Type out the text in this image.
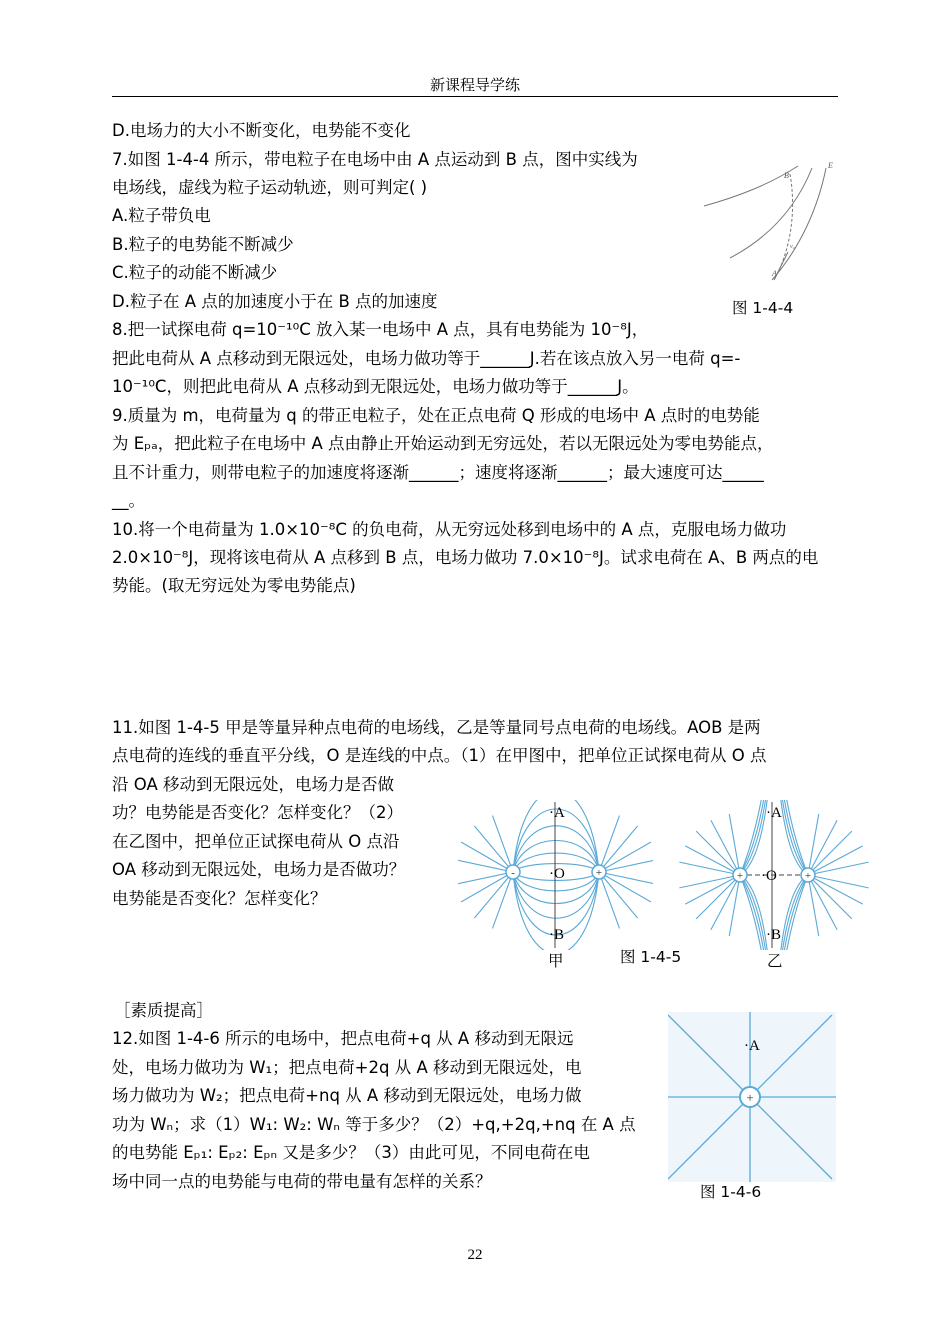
新课程导学练
D.电场力的大小不断变化，电势能不变化
7.如图 1-4-4 所示，带电粒子在电场中由 A 点运动到 B 点，图中实线为
电场线，虚线为粒子运动轨迹，则可判定( )
A.粒子带负电
B.粒子的电势能不断减少
C.粒子的动能不断减少
D.粒子在 A 点的加速度小于在 B 点的加速度
8.把一试探电荷 q=10⁻¹⁰C 放入某一电场中 A 点，具有电势能为 10⁻⁸J，
把此电荷从 A 点移动到无限远处，电场力做功等于______J.若在该点放入另一电荷 q=-
10⁻¹⁰C，则把此电荷从 A 点移动到无限远处，电场力做功等于______J。
9.质量为 m，电荷量为 q 的带正电粒子，处在正点电荷 Q 形成的电场中 A 点时的电势能
为 Eₚₐ，把此粒子在电场中 A 点由静止开始运动到无穷远处，若以无限远处为零电势能点，
且不计重力，则带电粒子的加速度将逐渐______；速度将逐渐______；最大速度可达_____
__。
10.将一个电荷量为 1.0×10⁻⁸C 的负电荷，从无穷远处移到电场中的 A 点，克服电场力做功
2.0×10⁻⁸J，现将该电荷从 A 点移到 B 点，电场力做功 7.0×10⁻⁸J。试求电荷在 A、B 两点的电
势能。(取无穷远处为零电势能点)
11.如图 1-4-5 甲是等量异种点电荷的电场线，乙是等量同号点电荷的电场线。AOB 是两
点电荷的连线的垂直平分线，O 是连线的中点。（1）在甲图中，把单位正试探电荷从 O 点
沿 OA 移动到无限远处，电场力是否做
功？电势能是否变化？怎样变化？（2）
在乙图中，把单位正试探电荷从 O 点沿
OA 移动到无限远处，电场力是否做功？
电势能是否变化？怎样变化？
［素质提高］
12.如图 1-4-6 所示的电场中，把点电荷+q 从 A 移动到无限远
处，电场力做功为 W₁；把点电荷+2q 从 A 移动到无限远处，电
场力做功为 W₂；把点电荷+nq 从 A 移动到无限远处，电场力做
功为 Wₙ；求（1）W₁: W₂: Wₙ 等于多少？（2）+q,+2q,+nq 在 A 点
的电势能 Eₚ₁: Eₚ₂: Eₚₙ 又是多少？（3）由此可见，不同电荷在电
场中同一点的电势能与电荷的带电量有怎样的关系？
B
E
A
v₀
图 1-4-4
-	+
·A
·O
·B
甲	图 1-4-5
+	+
·A
·O
·B
乙
+
·A
图 1-4-6
22
